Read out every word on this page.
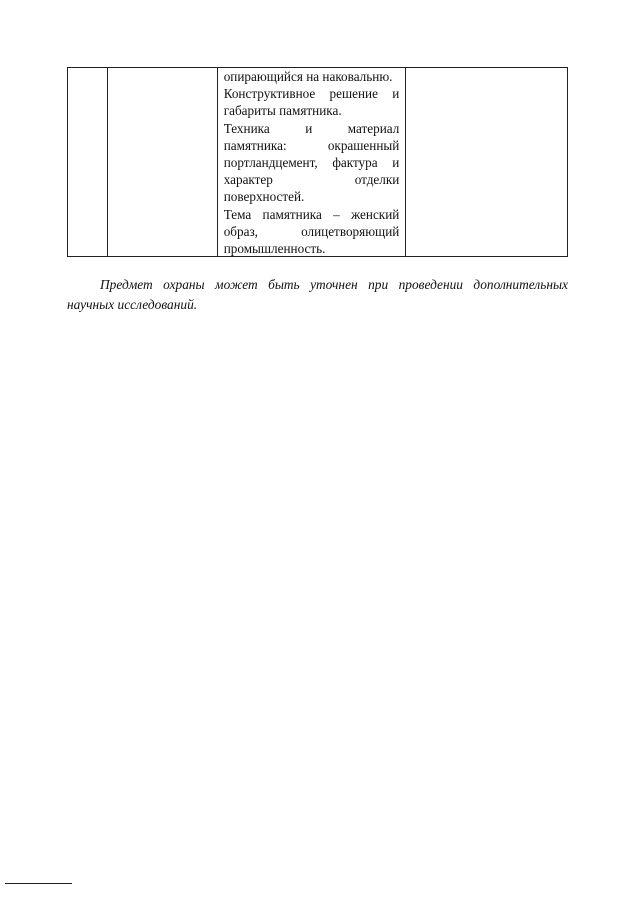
опирающийся на наковальню.
Конструктивное решение и
габариты памятника.
Техника и материал
памятника: окрашенный
портландцемент, фактура и
характер отделки
поверхностей.
Тема памятника – женский
образ, олицетворяющий
промышленность.
Предмет охраны может быть уточнен при проведении дополнительных
научных исследований.
